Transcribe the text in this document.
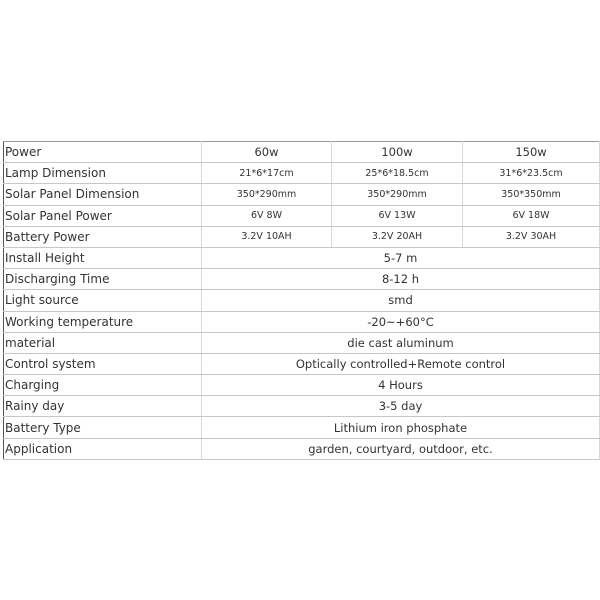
Power	60w	100w	150w
Lamp Dimension	21*6*17cm	25*6*18.5cm	31*6*23.5cm
Solar Panel Dimension	350*290mm	350*290mm	350*350mm
Solar Panel Power	6V 8W	6V 13W	6V 18W
Battery Power	3.2V 10AH	3.2V 20AH	3.2V 30AH
Install Height	5-7 m		
Discharging Time	8-12 h		
Light source	smd		
Working temperature	-20~+60°C		
material	die cast aluminum		
Control system	Optically controlled+Remote control		
Charging	4 Hours		
Rainy day	3-5 day		
Battery Type	Lithium iron phosphate		
Application	garden, courtyard, outdoor, etc.		
